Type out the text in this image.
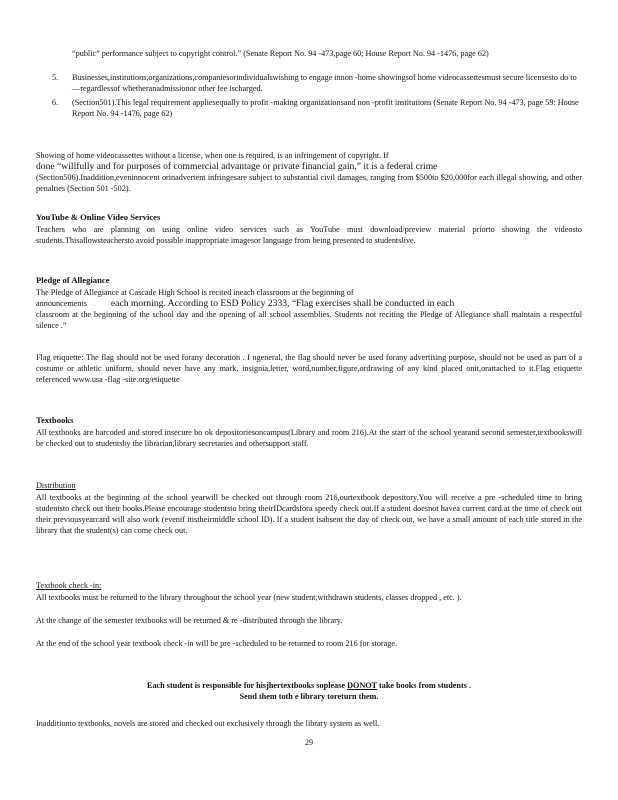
“public” performance subject to copyright control.” (Senate Report No. 94 -473,page 60; House Report No. 94 -1476, page 62)
5. Businesses,institutions,organizations,companiesorindividualswishing to engage innon -home showingsof home videocassettesmust secure licensesto do to —regardlessof whetheranadmissionor other fee ischarged.
6. (Section501).This legal requirement appliesequally to profit -making organizationsand non -profit institutions (Senate Report No. 94 -473, page 59: House Report No. 94 -1476, page 62)

Showing of home videocassettes without a license, when one is required, is an infringement of copyright. If

done “willfully and for purposes of commercial advantage or private financial gain,” it is a federal crime

(Section506).Inaddition,eveninnocent orinadvertent infringesare subject to substantial civil damages, ranging from $500to $20,000for each illegal showing, and other penalties (Section 501 -502).

YouTube & Online Video Services

Teachers who are planning on using online video services such as YouTube must download/preview material priorto showing the videosto students.Thisallowsteachersto avoid possible inappropriate imagesor language from being presented to studentslive.

Pledge of Allegiance

The Pledge of Allegiance at Cascade High School is recited ineach classroom at the beginning of

announcements each morning. According to ESD Policy 2333, “Flag exercises shall be conducted in each

classroom at the beginning of the school day and the opening of all school assemblies. Students not reciting the Pledge of Allegiance shall maintain a respectful silence .”

Flag etiquette: The flag should not be used forany decoration . I ngeneral, the flag should never be used forany advertising purpose, should not be used as part of a costume or athletic uniform, should never have any mark, insignia,letter, word,number,figure,ordrawing of any kind placed onit,orattached to it.Flag etiquette referenced www.usa -flag -site.org/etiquette

Textbooks

All textbooks are barcoded and stored insecure bo ok depositoriesoncampus(Library and room 216).At the start of the school yearand second semester,textbookswill be checked out to studentsby the librarian,library secretaries and othersupport staff.

Distribution

All textbooks at the beginning of the school yearwill be checked out through room 216,ourtextbook depository.You will receive a pre -scheduled time to bring studentsto check out their books.Please encourage studentsto bring theirIDcardsfora speedy check out.If a student doesnot havea current card at the time of check out their previousyearcard will also work (evenif itistheirmiddle school ID). If a student isabsent the day of check out, we have a small amount of each title stored in the library that the student(s) can come check out.

Textbook check -in:

All textbooks must be returned to the library throughout the school year (new student,withdrawn students, classes dropped , etc. ).

At the change of the semester textbooks will be returned & re -distributed through the library.

At the end of the school year textbook check -in will be pre -scheduled to be returned to room 216 for storage.

Each student is responsible for hisjhertextbooks soplease DONOT take books from students .

Send them toth e library toreturn them.

Inadditionto textbooks, novels are stored and checked out exclusively through the library system as well.

29
